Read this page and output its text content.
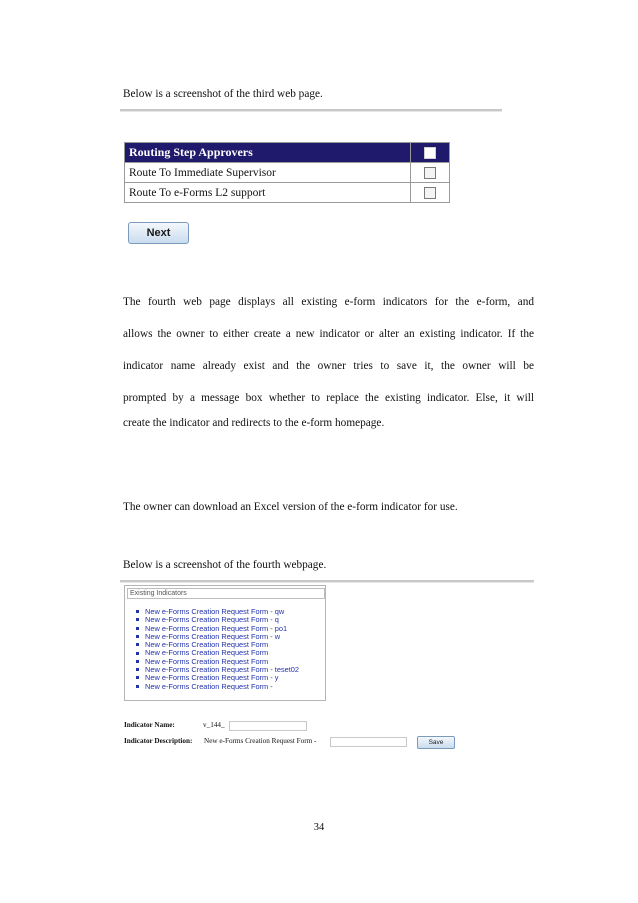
Below is a screenshot of the third web page.
Routing Step Approvers	
Route To Immediate Supervisor	
Route To e-Forms L2 support	
Next
The fourth web page displays all existing e-form indicators for the e-form, and
allows the owner to either create a new indicator or alter an existing indicator. If the
indicator name already exist and the owner tries to save it, the owner will be
prompted by a message box whether to replace the existing indicator. Else, it will
create the indicator and redirects to the e-form homepage.
The owner can download an Excel version of the e-form indicator for use.
Below is a screenshot of the fourth webpage.
Existing Indicators
New e-Forms Creation Request Form - qw
New e-Forms Creation Request Form - q
New e-Forms Creation Request Form - po1
New e-Forms Creation Request Form - w
New e-Forms Creation Request Form
New e-Forms Creation Request Form
New e-Forms Creation Request Form
New e-Forms Creation Request Form - teset02
New e-Forms Creation Request Form - y
New e-Forms Creation Request Form -
Indicator Name:	v_144_
Indicator Description: New e-Forms Creation Request Form -	Save
34
